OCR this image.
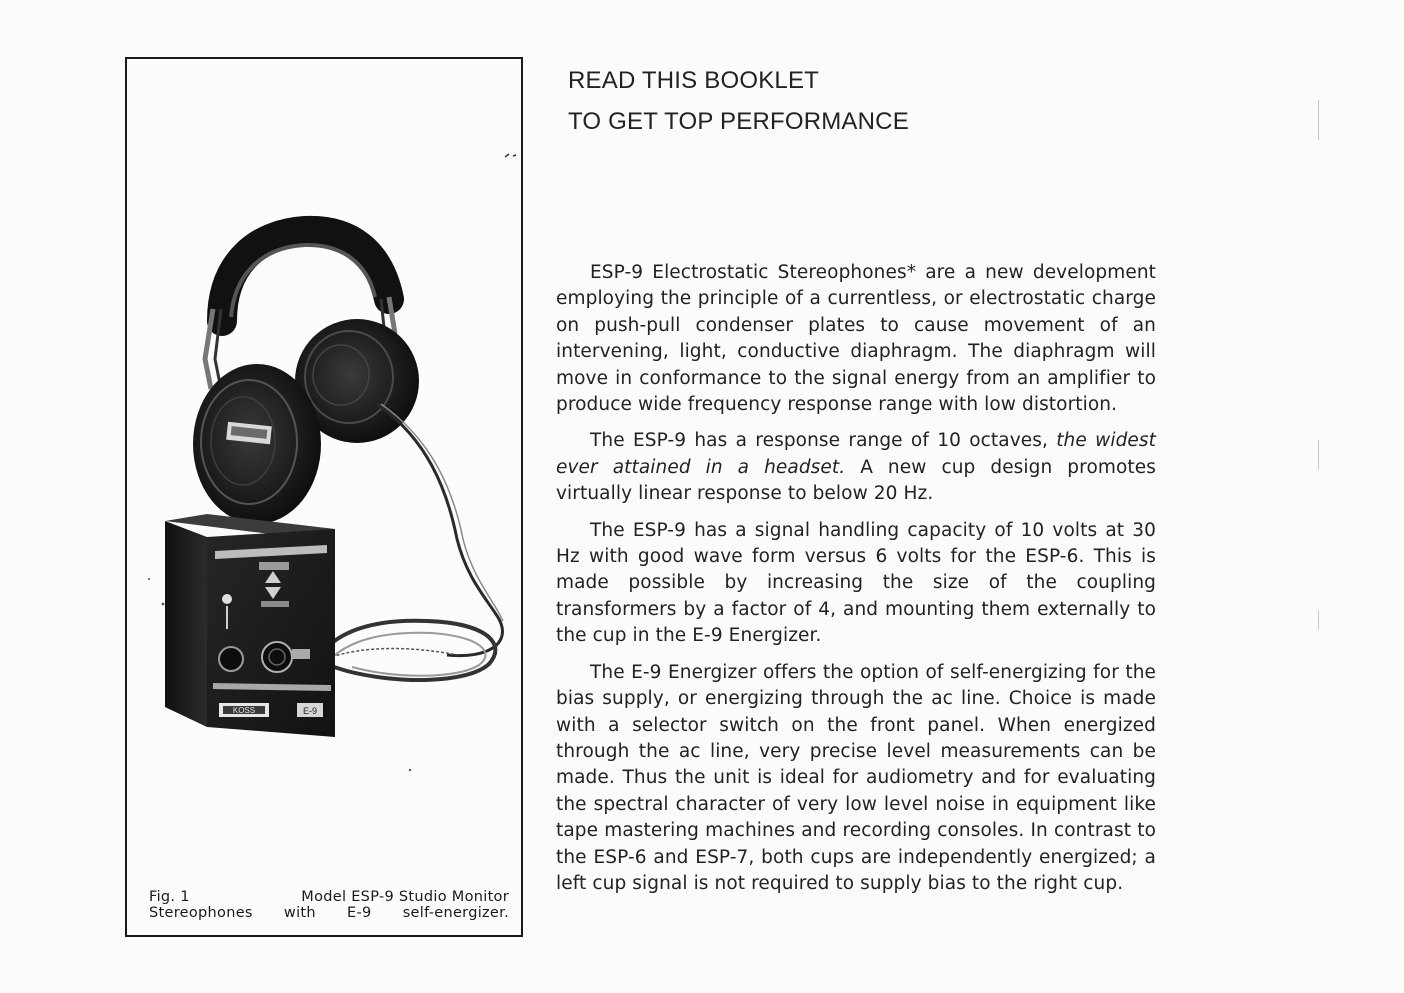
KOSS	E-9
Fig. 1	Model ESP-9 Studio Monitor
Stereophones with E-9 self-energizer.
READ THIS BOOKLET
TO GET TOP PERFORMANCE

ESP-9 Electrostatic Stereophones* are a new development employing the principle of a currentless, or electrostatic charge on push-pull condenser plates to cause movement of an intervening, light, conductive diaphragm. The diaphragm will move in conformance to the signal energy from an amplifier to produce wide frequency response range with low distortion.

The ESP-9 has a response range of 10 octaves, the widest ever attained in a headset. A new cup design promotes virtually linear response to below 20 Hz.

The ESP-9 has a signal handling capacity of 10 volts at 30 Hz with good wave form versus 6 volts for the ESP-6. This is made possible by increasing the size of the coupling transformers by a factor of 4, and mounting them externally to the cup in the E-9 Energizer.

The E-9 Energizer offers the option of self-energizing for the bias supply, or energizing through the ac line. Choice is made with a selector switch on the front panel. When energized through the ac line, very precise level measurements can be made. Thus the unit is ideal for audiometry and for evaluating the spectral character of very low level noise in equipment like tape mastering machines and recording consoles. In contrast to the ESP-6 and ESP-7, both cups are independently energized; a left cup signal is not required to supply bias to the right cup.
